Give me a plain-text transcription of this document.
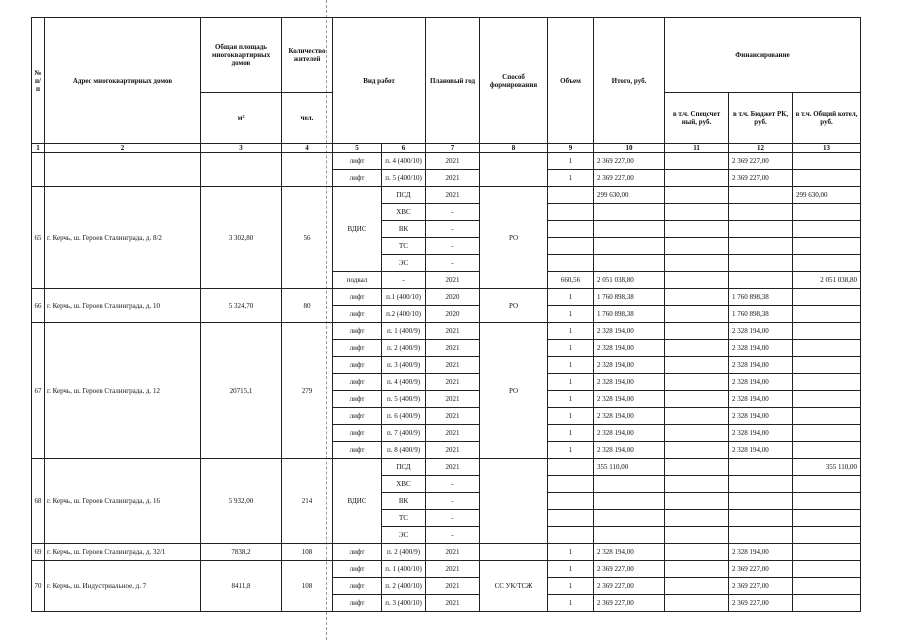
№ п/ п	Адрес многоквартирных домов	Общая площадь многоквартирных домов	Количество жителей	Вид работ		Плановый год	Способ формирования	Объем	Итого, руб.	Финансирование		
		м²	чел.							в т.ч. Спецсчет ный, руб.	в т.ч. Бюджет РК, руб.	в т.ч. Общий котел, руб.
1	2	3	4	5	6	7	8	9	10	11	12	13
				лифт	п. 4 (400/10)	2021		1	2 369 227,00		2 369 227,00	
				лифт	п. 5 (400/10)	2021		1	2 369 227,00		2 369 227,00	
65	г. Керчь, ш. Героев Сталинграда, д. 8/2	3 302,80	56	ВДИС	ПСД	2021	РО		299 630,00			299 630,00
					ХВС	-						
					ВК	-						
					ТС	-						
					ЭС	-						
				подвал	-	2021		660,56	2 051 038,80			2 051 038,80
66	г. Керчь, ш. Героев Сталинграда, д. 10	5 324,70	80	лифт	п.1 (400/10)	2020	РО	1	1 760 898,38		1 760 898,38	
				лифт	п.2 (400/10)	2020		1	1 760 898,38		1 760 898,38	
67	г. Керчь, ш. Героев Сталинграда, д. 12	20715,1	279	лифт	п. 1 (400/9)	2021	РО	1	2 328 194,00		2 328 194,00	
				лифт	п. 2 (400/9)	2021		1	2 328 194,00		2 328 194,00	
				лифт	п. 3 (400/9)	2021		1	2 328 194,00		2 328 194,00	
				лифт	п. 4 (400/9)	2021		1	2 328 194,00		2 328 194,00	
				лифт	п. 5 (400/9)	2021		1	2 328 194,00		2 328 194,00	
				лифт	п. 6 (400/9)	2021		1	2 328 194,00		2 328 194,00	
				лифт	п. 7 (400/9)	2021		1	2 328 194,00		2 328 194,00	
				лифт	п. 8 (400/9)	2021		1	2 328 194,00		2 328 194,00	
68	г. Керчь, ш. Героев Сталинграда, д. 16	5 932,00	214	ВДИС	ПСД	2021			355 110,00			355 110,00
					ХВС	-						
					ВК	-						
					ТС	-						
					ЭС	-						
69	г. Керчь, ш. Героев Сталинграда, д. 32/1	7838,2	108	лифт	п. 2 (400/9)	2021		1	2 328 194,00		2 328 194,00	
70	г. Керчь, ш. Индустриальное, д. 7	8411,8	108	лифт	п. 1 (400/10)	2021	СС УК/ТСЖ	1	2 369 227,00		2 369 227,00	
				лифт	п. 2 (400/10)	2021		1	2 369 227,00		2 369 227,00	
				лифт	п. 3 (400/10)	2021		1	2 369 227,00		2 369 227,00	
